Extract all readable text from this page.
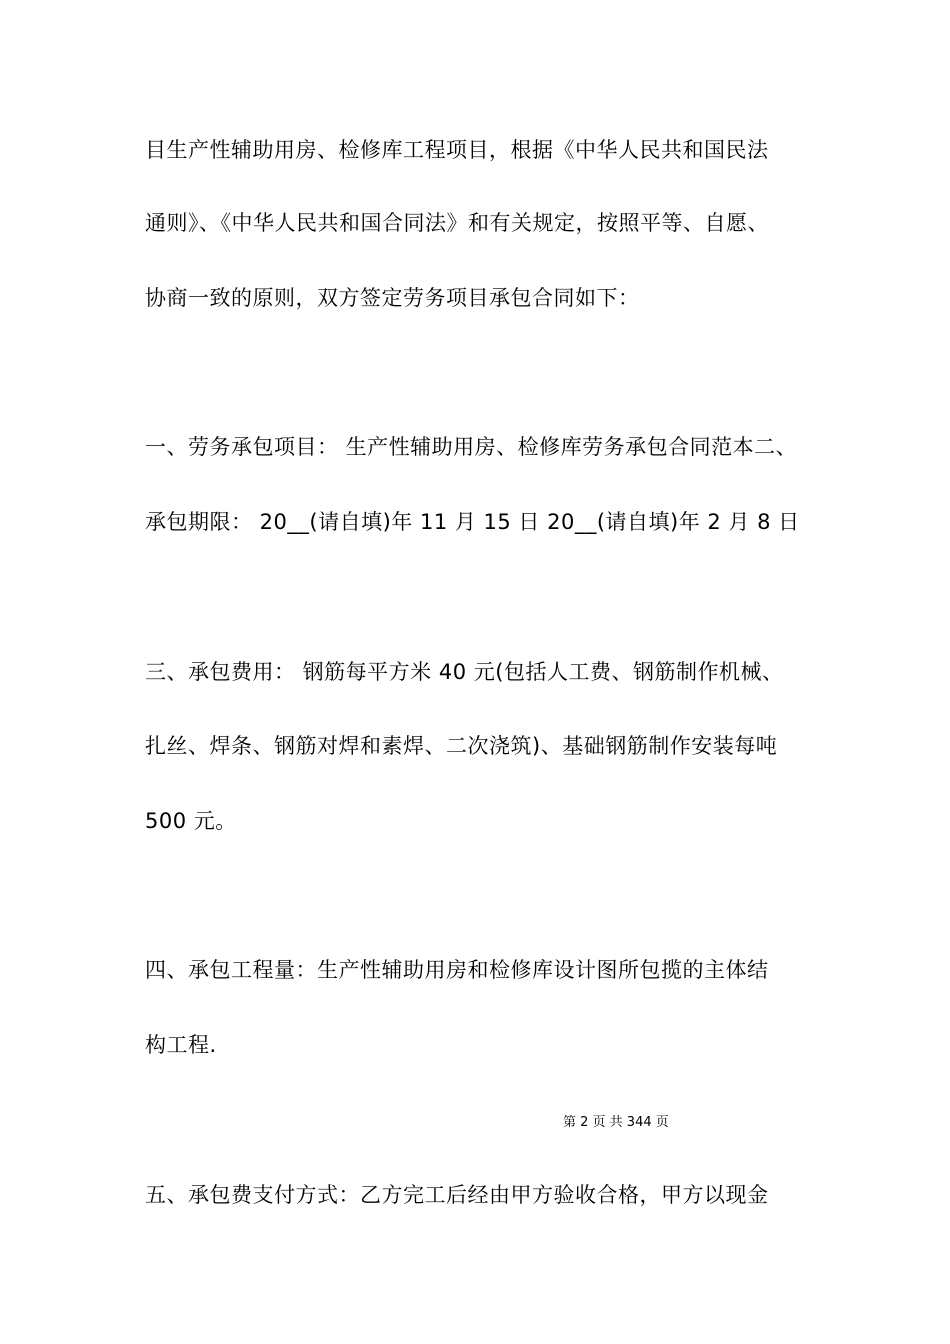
目生产性辅助用房、检修库工程项目，根据《中华人民共和国民法
通则》、《中华人民共和国合同法》和有关规定，按照平等、自愿、
协商一致的原则，双方签定劳务项目承包合同如下：
一、劳务承包项目： 生产性辅助用房、检修库劳务承包合同范本二、
承包期限： 20__(请自填)年 11 月 15 日 20__(请自填)年 2 月 8 日
三、承包费用： 钢筋每平方米 40 元(包括人工费、钢筋制作机械、
扎丝、焊条、钢筋对焊和素焊、二次浇筑)、基础钢筋制作安装每吨
500 元。
四、承包工程量：生产性辅助用房和检修库设计图所包揽的主体结
构工程.
第 2 页 共 344 页
五、承包费支付方式：乙方完工后经由甲方验收合格，甲方以现金
